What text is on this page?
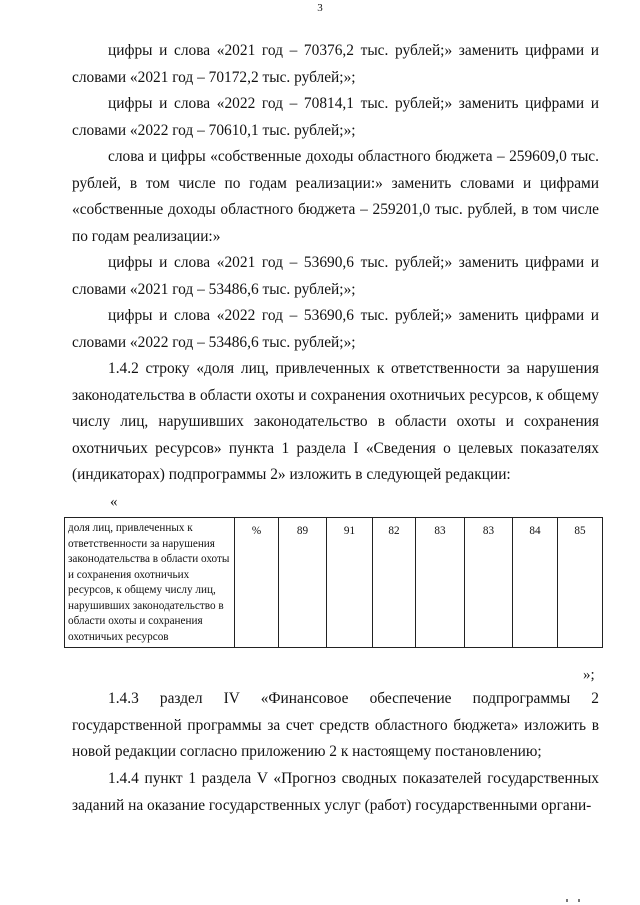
3

цифры и слова «2021 год – 70376,2 тыс. рублей;» заменить цифрами и словами «2021 год – 70172,2 тыс. рублей;»;

цифры и слова «2022 год – 70814,1 тыс. рублей;» заменить цифрами и словами «2022 год – 70610,1 тыс. рублей;»;

слова и цифры «собственные доходы областного бюджета – 259609,0 тыс. рублей, в том числе по годам реализации:» заменить словами и цифрами «собственные доходы областного бюджета – 259201,0 тыс. рублей, в том числе по годам реализации:»

цифры и слова «2021 год – 53690,6 тыс. рублей;» заменить цифрами и словами «2021 год – 53486,6 тыс. рублей;»;

цифры и слова «2022 год – 53690,6 тыс. рублей;» заменить цифрами и словами «2022 год – 53486,6 тыс. рублей;»;

1.4.2 строку «доля лиц, привлеченных к ответственности за нарушения законодательства в области охоты и сохранения охотничьих ресурсов, к общему числу лиц, нарушивших законодательство в области охоты и сохранения охотничьих ресурсов» пункта 1 раздела I «Сведения о целевых показателях (индикаторах) подпрограммы 2» изложить в следующей редакции:

«
доля лиц, привлеченных к ответственности за нарушения законодательства в области охоты и сохранения охотничьих ресурсов, к общему числу лиц, нарушивших законодательство в области охоты и сохранения охотничьих ресурсов	%	89	91	82	83	83	84	85
»;

1.4.3 раздел IV «Финансовое обеспечение подпрограммы 2 государственной программы за счет средств областного бюджета» изложить в новой редакции согласно приложению 2 к настоящему постановлению;

1.4.4 пункт 1 раздела V «Прогноз сводных показателей государственных заданий на оказание государственных услуг (работ) государственными органи-
